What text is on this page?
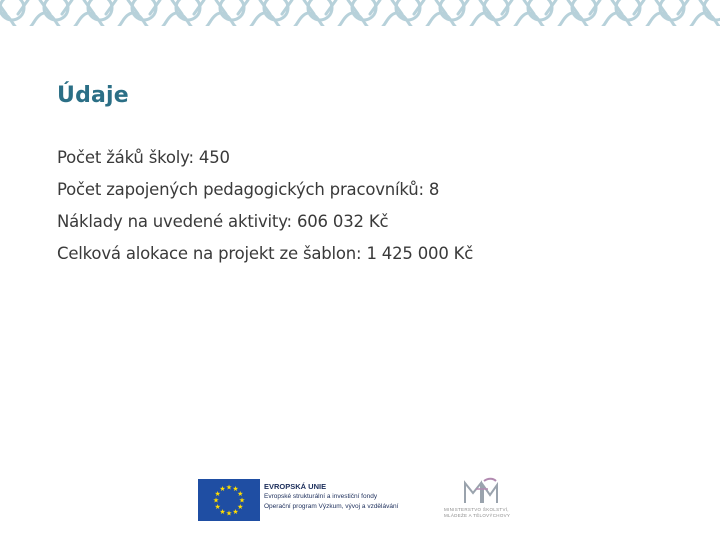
Údaje
Počet žáků školy: 450
Počet zapojených pedagogických pracovníků: 8
Náklady na uvedené aktivity: 606 032 Kč
Celková alokace na projekt ze šablon: 1 425 000 Kč
★
★
★
★
★
★
★
★
★ ★ ★
★
EVROPSKÁ UNIE
Evropské strukturální a investiční fondy
Operační program Výzkum, vývoj a vzdělávání	MINISTERSTVO ŠKOLSTVÍ,
MLÁDEŽE A TĚLOVÝCHOVY
